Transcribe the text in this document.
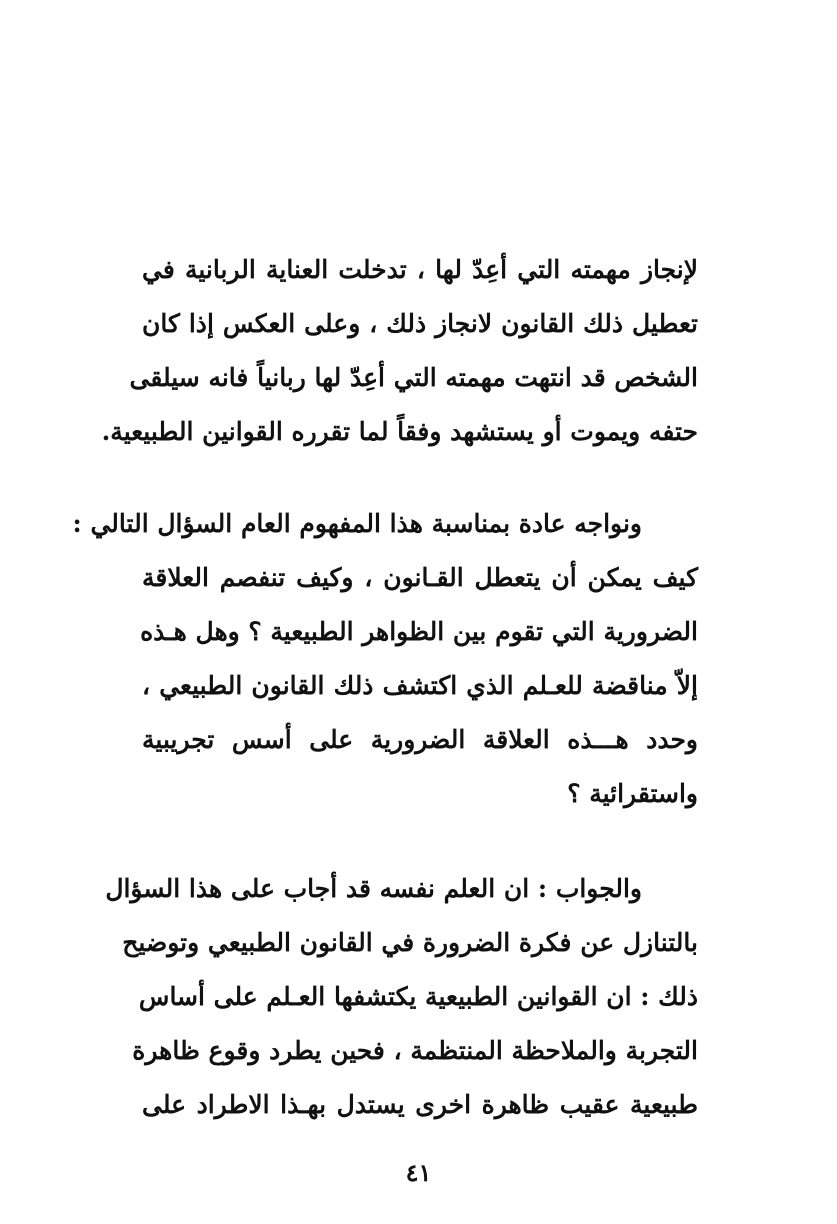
لإنجاز مهمته التي أعِدّ لها ، تدخلت العناية الربانية في
تعطيل ذلك القانون لانجاز ذلك ، وعلى العكس إذا كان
الشخص قد انتهت مهمته التي أعِدّ لها ربانياً فانه سيلقى
حتفه ويموت أو يستشهد وفقاً لما تقرره القوانين الطبيعية.
ونواجه عادة بمناسبة هذا المفهوم العام السؤال التالي :
كيف يمكن أن يتعطل القـانون ، وكيف تنفصم العلاقة
الضرورية التي تقوم بين الظواهر الطبيعية ؟ وهل هـذه
إلاّ مناقضة للعـلم الذي اكتشف ذلك القانون الطبيعي ،
وحدد هـــذه العلاقة الضرورية على أسس تجريبية
واستقرائية ؟
والجواب : ان العلم نفسه قد أجاب على هذا السؤال
بالتنازل عن فكرة الضرورة في القانون الطبيعي وتوضيح
ذلك : ان القوانين الطبيعية يكتشفها العـلم على أساس
التجربة والملاحظة المنتظمة ، فحين يطرد وقوع ظاهرة
طبيعية عقيب ظاهرة اخرى يستدل بهـذا الاطراد على
٤١
